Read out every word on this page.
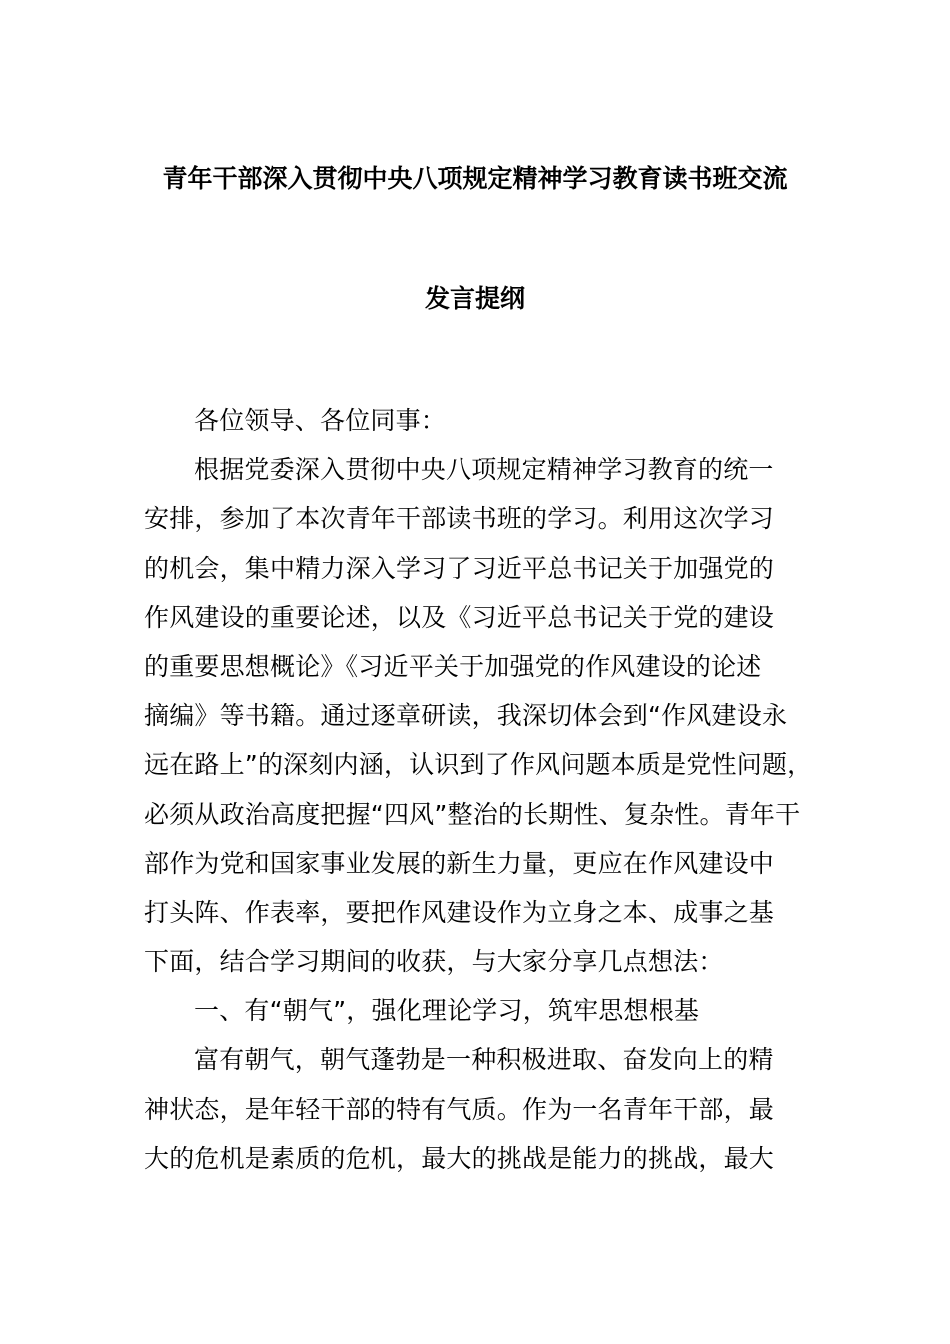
青年干部深入贯彻中央八项规定精神学习教育读书班交流
发言提纲
各位领导、各位同事：
根据党委深入贯彻中央八项规定精神学习教育的统一
安排，参加了本次青年干部读书班的学习。利用这次学习
的机会，集中精力深入学习了习近平总书记关于加强党的
作风建设的重要论述，以及《习近平总书记关于党的建设
的重要思想概论》《习近平关于加强党的作风建设的论述
摘编》等书籍。通过逐章研读，我深切体会到“作风建设永
远在路上”的深刻内涵，认识到了作风问题本质是党性问题，
必须从政治高度把握“四风”整治的长期性、复杂性。青年干
部作为党和国家事业发展的新生力量，更应在作风建设中
打头阵、作表率，要把作风建设作为立身之本、成事之基
下面，结合学习期间的收获，与大家分享几点想法：
一、有“朝气”，强化理论学习，筑牢思想根基
富有朝气，朝气蓬勃是一种积极进取、奋发向上的精
神状态，是年轻干部的特有气质。作为一名青年干部，最
大的危机是素质的危机，最大的挑战是能力的挑战，最大
